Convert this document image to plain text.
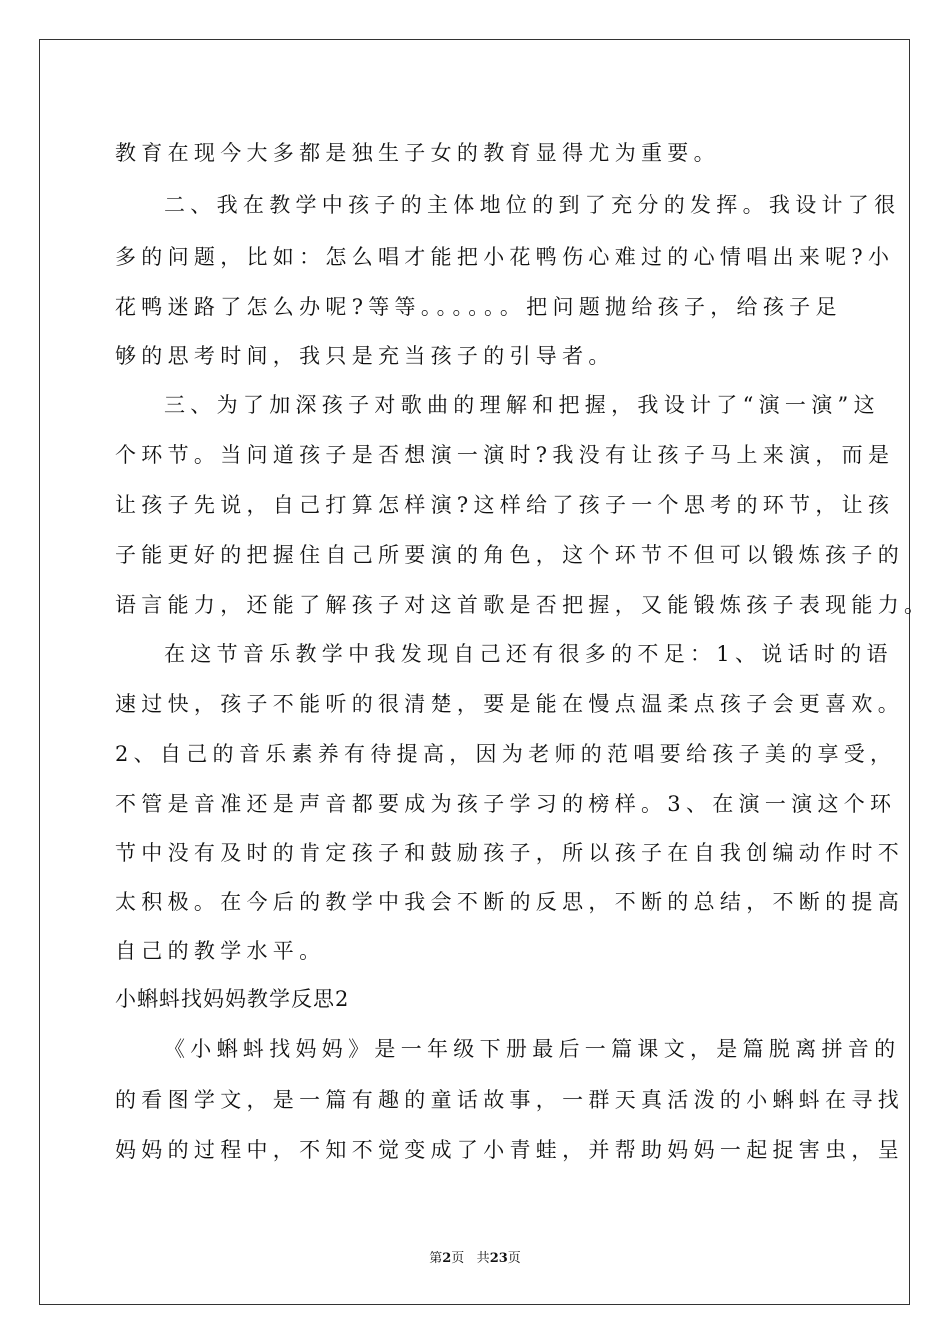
教育在现今大多都是独生子女的教育显得尤为重要。
二、我在教学中孩子的主体地位的到了充分的发挥。我设计了很
多的问题，比如：怎么唱才能把小花鸭伤心难过的心情唱出来呢?小
花鸭迷路了怎么办呢?等等。。。。。。把问题抛给孩子，给孩子足
够的思考时间，我只是充当孩子的引导者。
三、为了加深孩子对歌曲的理解和把握，我设计了“演一演”这
个环节。当问道孩子是否想演一演时?我没有让孩子马上来演，而是
让孩子先说，自己打算怎样演?这样给了孩子一个思考的环节，让孩
子能更好的把握住自己所要演的角色，这个环节不但可以锻炼孩子的
语言能力，还能了解孩子对这首歌是否把握，又能锻炼孩子表现能力。
在这节音乐教学中我发现自己还有很多的不足：1、说话时的语
速过快，孩子不能听的很清楚，要是能在慢点温柔点孩子会更喜欢。
2、自己的音乐素养有待提高，因为老师的范唱要给孩子美的享受，
不管是音准还是声音都要成为孩子学习的榜样。3、在演一演这个环
节中没有及时的肯定孩子和鼓励孩子，所以孩子在自我创编动作时不
太积极。在今后的教学中我会不断的反思，不断的总结，不断的提高
自己的教学水平。
小蝌蚪找妈妈教学反思2
《小蝌蚪找妈妈》是一年级下册最后一篇课文，是篇脱离拼音的
的看图学文，是一篇有趣的童话故事，一群天真活泼的小蝌蚪在寻找
妈妈的过程中，不知不觉变成了小青蛙，并帮助妈妈一起捉害虫，呈
第2页 共23页
